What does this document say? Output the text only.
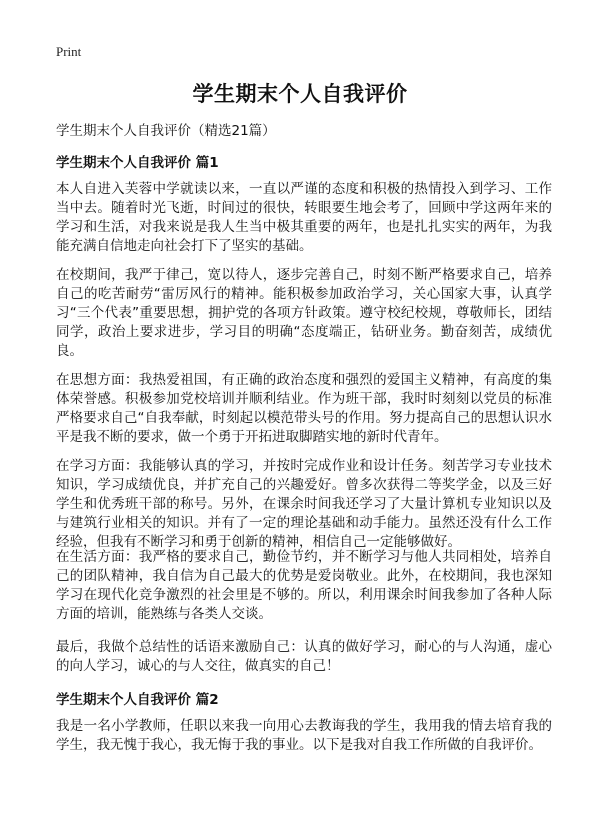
Print
学生期末个人自我评价

学生期末个人自我评价（精选21篇）

学生期末个人自我评价 篇1

本人自进入芙蓉中学就读以来，一直以严谨的态度和积极的热情投入到学习、工作当中去。随着时光飞逝，时间过的很快，转眼要生地会考了，回顾中学这两年来的学习和生活，对我来说是我人生当中极其重要的两年，也是扎扎实实的两年，为我能充满自信地走向社会打下了坚实的基础。

在校期间，我严于律己，宽以待人，逐步完善自己，时刻不断严格要求自己，培养自己的吃苦耐劳“雷厉风行的精神。能积极参加政治学习，关心国家大事，认真学习“三个代表”重要思想，拥护党的各项方针政策。遵守校纪校规，尊敬师长，团结同学，政治上要求进步，学习目的明确“态度端正，钻研业务。勤奋刻苦，成绩优良。

在思想方面：我热爱祖国，有正确的政治态度和强烈的爱国主义精神，有高度的集体荣誉感。积极参加党校培训并顺利结业。作为班干部，我时时刻刻以党员的标准严格要求自己“自我奉献，时刻起以模范带头号的作用。努力提高自己的思想认识水平是我不断的要求，做一个勇于开拓进取脚踏实地的新时代青年。

在学习方面：我能够认真的学习，并按时完成作业和设计任务。刻苦学习专业技术知识，学习成绩优良，并扩充自己的兴趣爱好。曾多次获得二等奖学金，以及三好学生和优秀班干部的称号。另外，在课余时间我还学习了大量计算机专业知识以及与建筑行业相关的知识。并有了一定的理论基础和动手能力。虽然还没有什么工作经验，但我有不断学习和勇于创新的精神，相信自己一定能够做好。

在生活方面：我严格的要求自己，勤俭节约，并不断学习与他人共同相处，培养自己的团队精神，我自信为自己最大的优势是爱岗敬业。此外，在校期间，我也深知学习在现代化竞争激烈的社会里是不够的。所以，利用课余时间我参加了各种人际方面的培训，能熟练与各类人交谈。

最后，我做个总结性的话语来激励自己：认真的做好学习，耐心的与人沟通，虚心的向人学习，诚心的与人交往，做真实的自己！

学生期末个人自我评价 篇2

我是一名小学教师，任职以来我一向用心去教诲我的学生，我用我的情去培育我的学生，我无愧于我心，我无悔于我的事业。以下是我对自我工作所做的自我评价。
